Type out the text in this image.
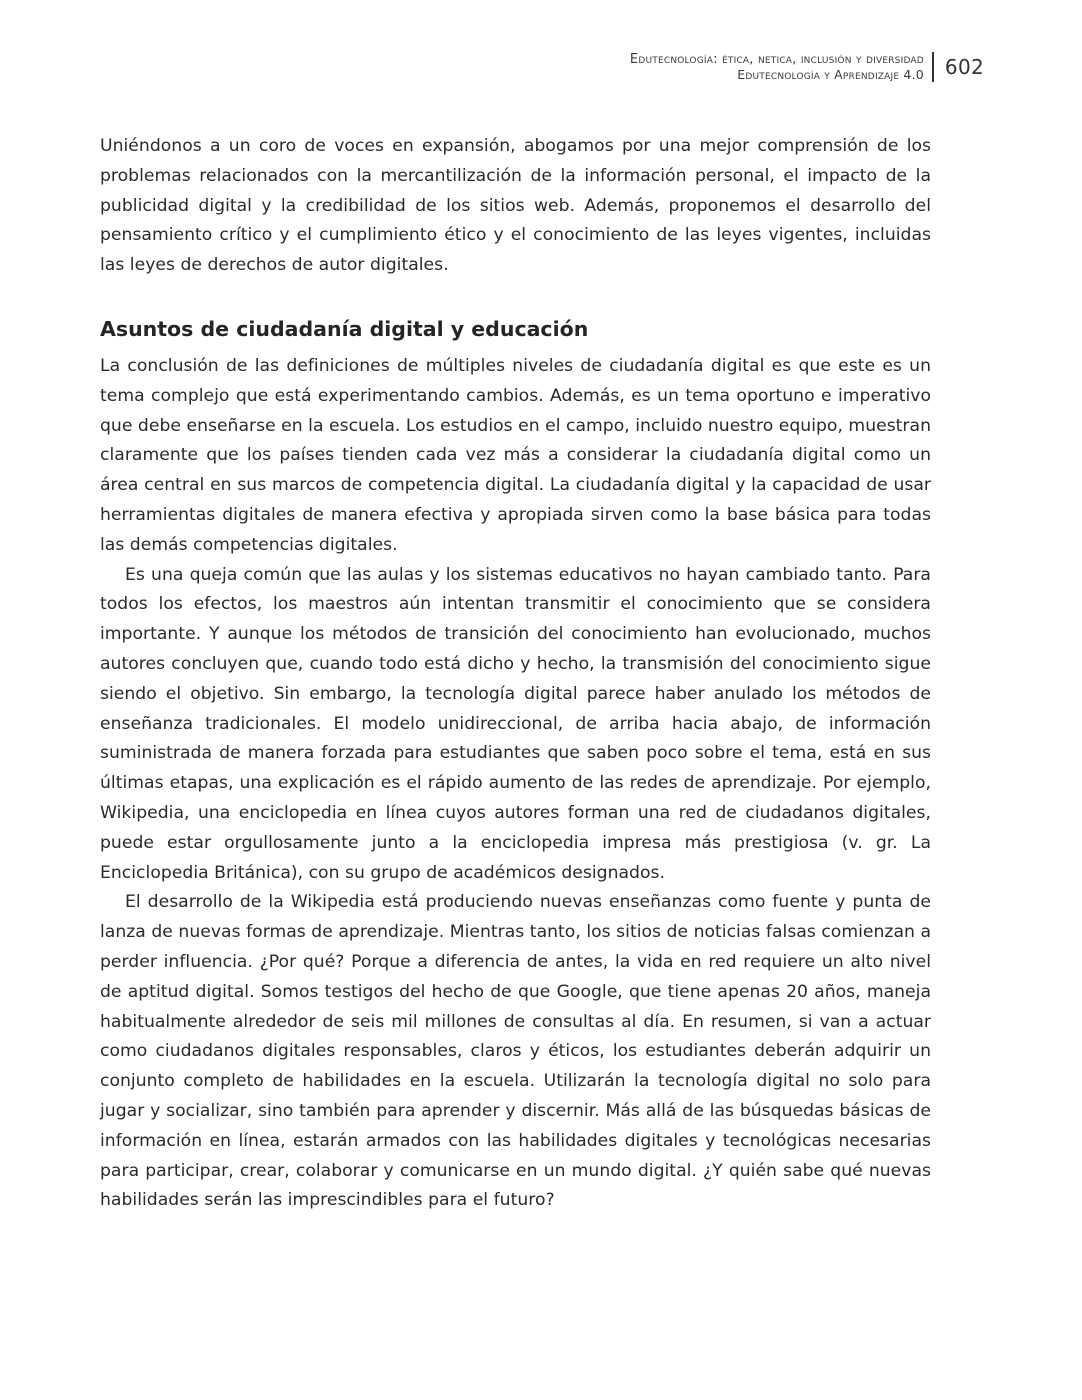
Edutecnología: ética, netica, inclusión y diversidad
Edutecnología y Aprendizaje 4.0 602

Uniéndonos a un coro de voces en expansión, abogamos por una mejor comprensión de los problemas relacionados con la mercantilización de la información personal, el impacto de la publicidad digital y la credibilidad de los sitios web. Además, proponemos el desarrollo del pensamiento crítico y el cumplimiento ético y el conocimiento de las leyes vigentes, incluidas las leyes de derechos de autor digitales.

Asuntos de ciudadanía digital y educación

La conclusión de las definiciones de múltiples niveles de ciudadanía digital es que este es un tema complejo que está experimentando cambios. Además, es un tema oportuno e imperativo que debe enseñarse en la escuela. Los estudios en el campo, incluido nuestro equipo, muestran claramente que los países tienden cada vez más a considerar la ciudadanía digital como un área central en sus marcos de competencia digital. La ciudadanía digital y la capacidad de usar herramientas digitales de manera efectiva y apropiada sirven como la base básica para todas las demás competencias digitales.

Es una queja común que las aulas y los sistemas educativos no hayan cambiado tanto. Para todos los efectos, los maestros aún intentan transmitir el conocimiento que se considera importante. Y aunque los métodos de transición del conocimiento han evolucionado, muchos autores concluyen que, cuando todo está dicho y hecho, la transmisión del conocimiento sigue siendo el objetivo. Sin embargo, la tecnología digital parece haber anulado los métodos de enseñanza tradicionales. El modelo unidireccional, de arriba hacia abajo, de información suministrada de manera forzada para estudiantes que saben poco sobre el tema, está en sus últimas etapas, una explicación es el rápido aumento de las redes de aprendizaje. Por ejemplo, Wikipedia, una enciclopedia en línea cuyos autores forman una red de ciudadanos digitales, puede estar orgullosamente junto a la enciclopedia impresa más prestigiosa (v. gr. La Enciclopedia Británica), con su grupo de académicos designados.

El desarrollo de la Wikipedia está produciendo nuevas enseñanzas como fuente y punta de lanza de nuevas formas de aprendizaje. Mientras tanto, los sitios de noticias falsas comienzan a perder influencia. ¿Por qué? Porque a diferencia de antes, la vida en red requiere un alto nivel de aptitud digital. Somos testigos del hecho de que Google, que tiene apenas 20 años, maneja habitualmente alrededor de seis mil millones de consultas al día. En resumen, si van a actuar como ciudadanos digitales responsables, claros y éticos, los estudiantes deberán adquirir un conjunto completo de habilidades en la escuela. Utilizarán la tecnología digital no solo para jugar y socializar, sino también para aprender y discernir. Más allá de las búsquedas básicas de información en línea, estarán armados con las habilidades digitales y tecnológicas necesarias para participar, crear, colaborar y comunicarse en un mundo digital. ¿Y quién sabe qué nuevas habilidades serán las imprescindibles para el futuro?
